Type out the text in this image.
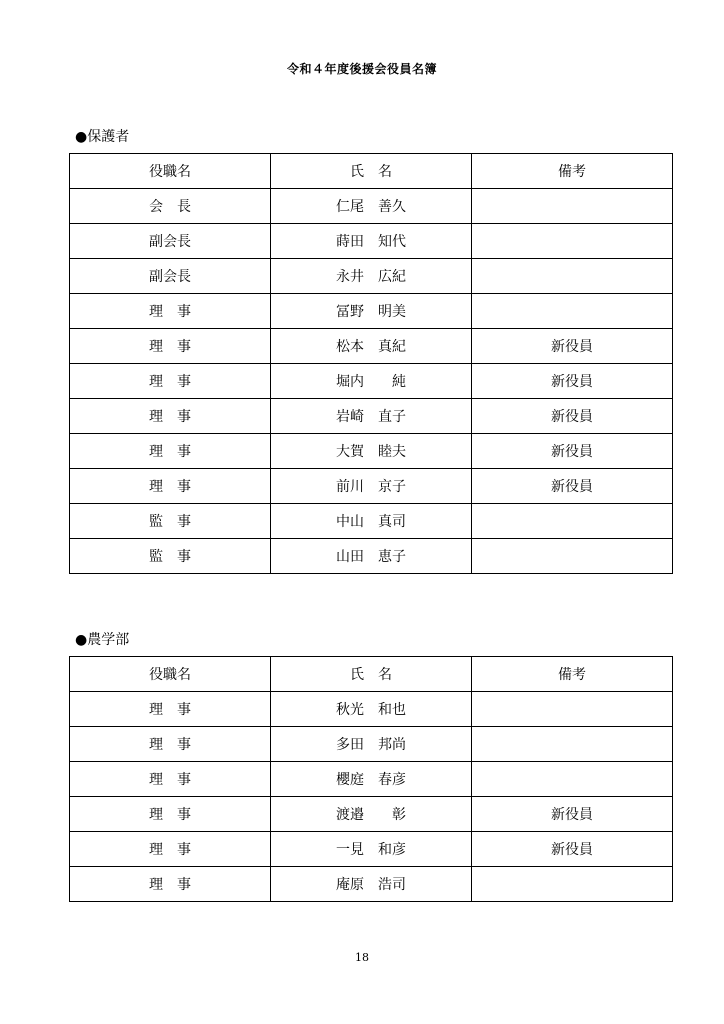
令和４年度後援会役員名簿
●保護者
役職名	氏　名	備考
会　長	仁尾　善久	
副会長	蒔田　知代	
副会長	永井　広紀	
理　事	冨野　明美	
理　事	松本　真紀	新役員
理　事	堀内　　純	新役員
理　事	岩崎　直子	新役員
理　事	大賀　睦夫	新役員
理　事	前川　京子	新役員
監　事	中山　真司	
監　事	山田　恵子	
●農学部
役職名	氏　名	備考
理　事	秋光　和也	
理　事	多田　邦尚	
理　事	櫻庭　春彦	
理　事	渡邉　　彰	新役員
理　事	一見　和彦	新役員
理　事	庵原　浩司	
18
